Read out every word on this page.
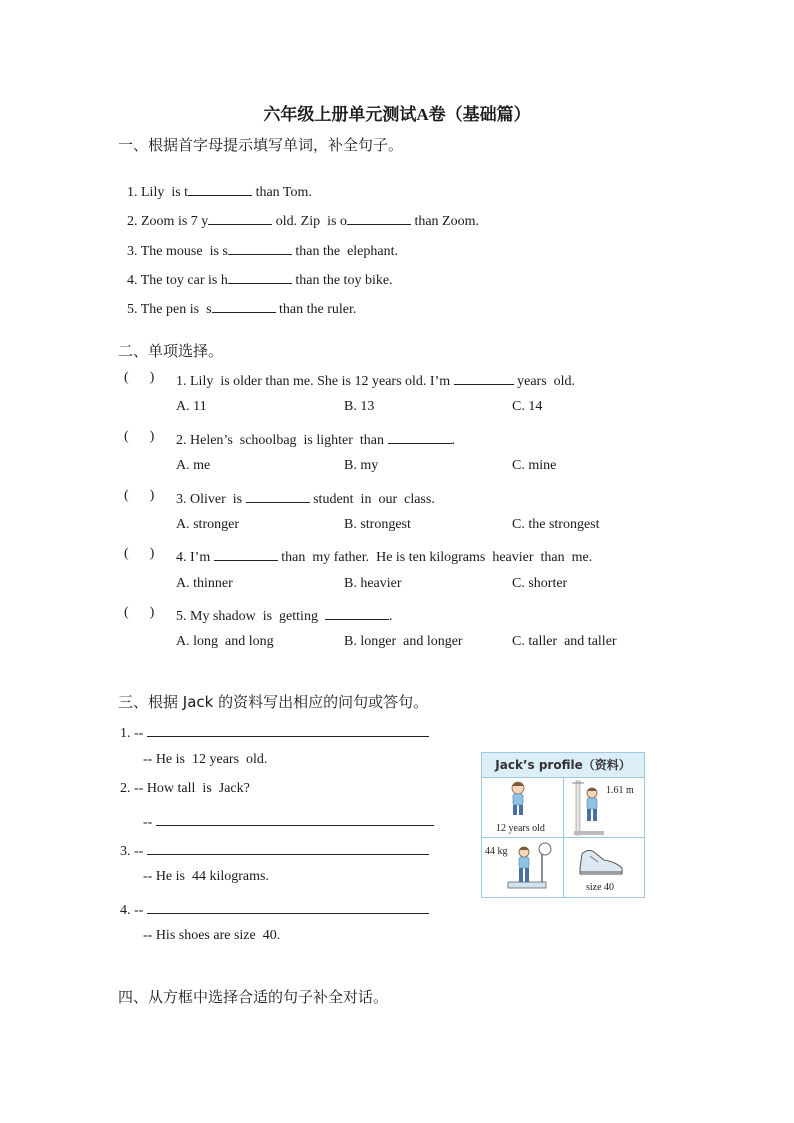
六年级上册单元测试A卷（基础篇）
一、根据首字母提示填写单词，补全句子。

1. Lily  is t	than Tom.

2. Zoom is 7 y	old. Zip  is o	than Zoom.

3. The mouse  is s	than the  elephant.

4. The toy car is h	than the toy bike.

5. The pen is  s	than the ruler.

二、单项选择。
(      ) 1. Lily  is older than me. She is 12 years old. I’m	years  old.
A. 11	B. 13	C. 14
(      ) 2. Helen’s  schoolbag  is lighter  than	.
A. me	B. my	C. mine
(      ) 3. Oliver  is	student  in  our  class.
A. stronger	B. strongest	C. the strongest
(      ) 4. I’m	than  my father.  He is ten kilograms  heavier  than  me.
A. thinner	B. heavier	C. shorter
(      ) 5. My shadow  is  getting	.
A. long  and long	B. longer  and longer	C. taller  and taller
三、根据 Jack 的资料写出相应的问句或答句。
1. --
-- He is  12 years  old.
2. -- How tall  is  Jack?
--
3. --
-- He is  44 kilograms.
4. --
-- His shoes are size  40.
Jack’s profile（资料）
12 years old
1.61 m
44 kg
size 40
四、从方框中选择合适的句子补全对话。
